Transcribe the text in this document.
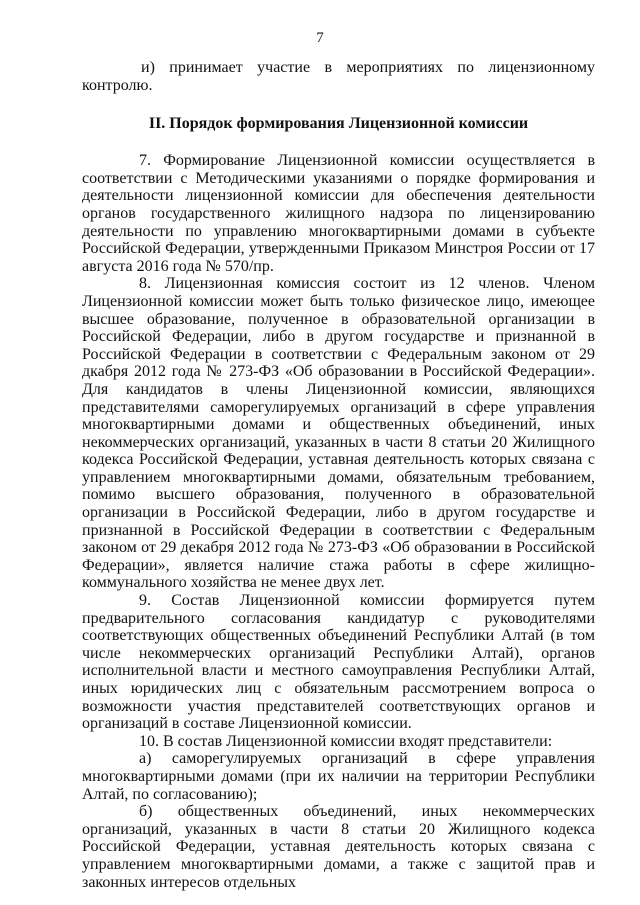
7

и) принимает участие в мероприятиях по лицензионному контролю.

II. Порядок формирования Лицензионной комиссии

7. Формирование Лицензионной комиссии осуществляется в соответствии с Методическими указаниями о порядке формирования и деятельности лицензионной комиссии для обеспечения деятельности органов государственного жилищного надзора по лицензированию деятельности по управлению многоквартирными домами в субъекте Российской Федерации, утвержденными Приказом Минстроя России от 17 августа 2016 года № 570/пр.

8. Лицензионная комиссия состоит из 12 членов. Членом Лицензионной комиссии может быть только физическое лицо, имеющее высшее образование, полученное в образовательной организации в Российской Федерации, либо в другом государстве и признанной в Российской Федерации в соответствии с Федеральным законом от 29 дкабря 2012 года № 273-ФЗ «Об образовании в Российской Федерации». Для кандидатов в члены Лицензионной комиссии, являющихся представителями саморегулируемых организаций в сфере управления многоквартирными домами и общественных объединений, иных некоммерческих организаций, указанных в части 8 статьи 20 Жилищного кодекса Российской Федерации, уставная деятельность которых связана с управлением многоквартирными домами, обязательным требованием, помимо высшего образования, полученного в образовательной организации в Российской Федерации, либо в другом государстве и признанной в Российской Федерации в соответствии с Федеральным законом от 29 декабря 2012 года № 273-ФЗ «Об образовании в Российской Федерации», является наличие стажа работы в сфере жилищно-коммунального хозяйства не менее двух лет.

9. Состав Лицензионной комиссии формируется путем предварительного согласования кандидатур с руководителями соответствующих общественных объединений Республики Алтай (в том числе некоммерческих организаций Республики Алтай), органов исполнительной власти и местного самоуправления Республики Алтай, иных юридических лиц с обязательным рассмотрением вопроса о возможности участия представителей соответствующих органов и организаций в составе Лицензионной комиссии.

10. В состав Лицензионной комиссии входят представители:

а) саморегулируемых организаций в сфере управления многоквартирными домами (при их наличии на территории Республики Алтай, по согласованию);

б) общественных объединений, иных некоммерческих организаций, указанных в части 8 статьи 20 Жилищного кодекса Российской Федерации, уставная деятельность которых связана с управлением многоквартирными домами, а также с защитой прав и законных интересов отдельных
